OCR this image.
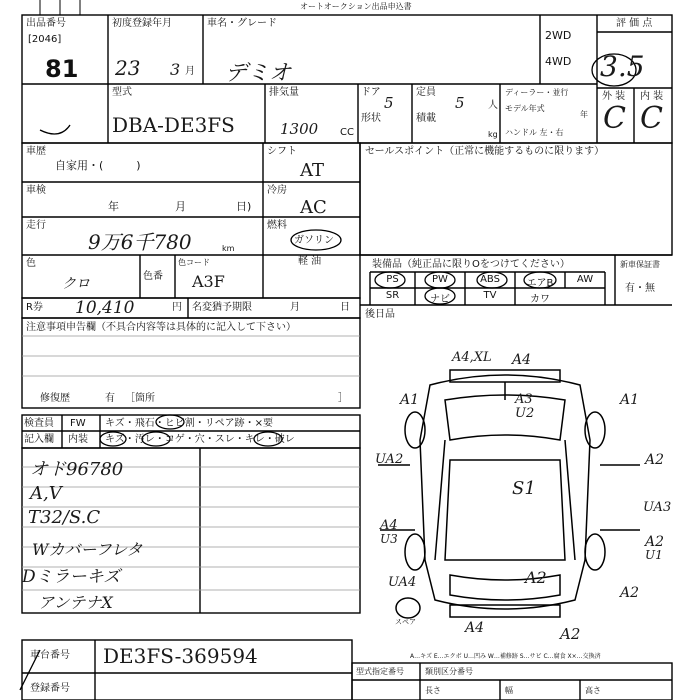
オートオークション出品申込書
出品番号
[2046]
81
初度登録年月
23 3 月
車名・グレード
デミオ
2WD
4WD
評 価 点
3.5
外 装 内 装
C C
型式
DBA-DE3FS
排気量
1300 CC
ドア
5
形状
定員
5 人
積載
kg
ディーラー・並行
モデル年式
年
ハンドル 左・右
車歴
自家用・(　　　)
シフト
AT
車検
年	月	日)
冷房
AC
走行
9万6千780	km
燃料
ガソリン
軽 油
色
クロ	色番
色コード
A3F
R券 10,410	円 名変猶予期限	月	日
セールスポイント（正常に機能するものに限ります）
装備品（純正品に限りOをつけてください）	新車保証書
有・無
PS	PW	ABS	エアB	AW
SR	ナビ	TV	カワ
後日品
注意事項申告欄（不具合内容等は具体的に記入して下さい）
修復歴	有 ［箇所	］
検査員
記入欄
FW キズ・飛石・ヒビ割・リペア跡・×要
内装 キズ・汚レ・コゲ・穴・スレ・キレ・破レ
オド96780
A,V
T32/S.C
Wカバーフレタ
Dミラーキズ
アンテナX
A4,XL A4
A3
U2
A1	A1
UA2	A2
S1
UA3
A4
U3	A2
U1
UA4	A2
A2
A4	A2
スペア
A…キズ E…エクボ U…凹み W…補修跡 S…サビ C…腐食 X×…交換済
車台番号 DE3FS-369594
登録番号
型式指定番号	類別区分番号
長さ	幅	高さ
